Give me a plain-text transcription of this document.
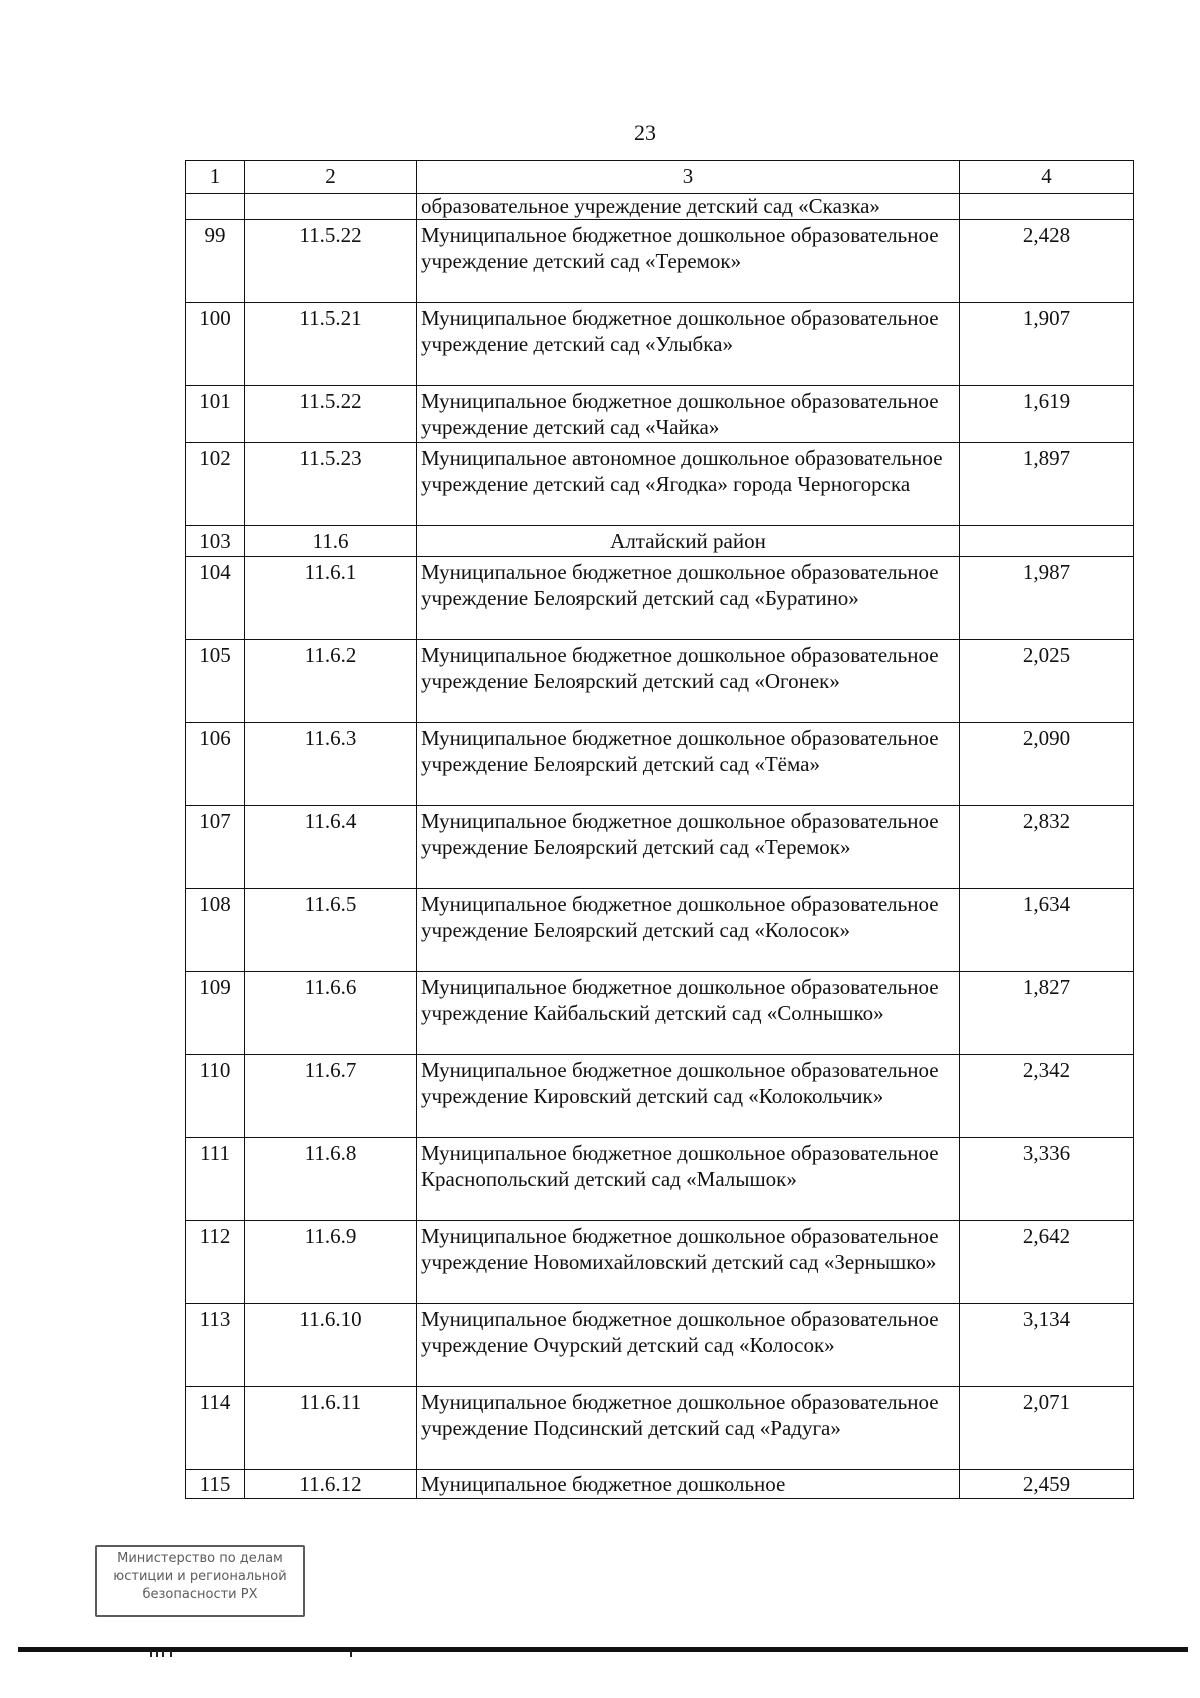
23
1	2	3	4
		образовательное учреждение детский сад «Сказка»	
99	11.5.22	Муниципальное бюджетное дошкольное образовательное учреждение детский сад «Теремок»	2,428
100	11.5.21	Муниципальное бюджетное дошкольное образовательное учреждение детский сад «Улыбка»	1,907
101	11.5.22	Муниципальное бюджетное дошкольное образовательное учреждение детский сад «Чайка»	1,619
102	11.5.23	Муниципальное автономное дошкольное образовательное учреждение детский сад «Ягодка» города Черногорска	1,897
103	11.6	Алтайский район	
104	11.6.1	Муниципальное бюджетное дошкольное образовательное учреждение Белоярский детский сад «Буратино»	1,987
105	11.6.2	Муниципальное бюджетное дошкольное образовательное учреждение Белоярский детский сад «Огонек»	2,025
106	11.6.3	Муниципальное бюджетное дошкольное образовательное учреждение Белоярский детский сад «Тёма»	2,090
107	11.6.4	Муниципальное бюджетное дошкольное образовательное учреждение Белоярский детский сад «Теремок»	2,832
108	11.6.5	Муниципальное бюджетное дошкольное образовательное учреждение Белоярский детский сад «Колосок»	1,634
109	11.6.6	Муниципальное бюджетное дошкольное образовательное учреждение Кайбальский детский сад «Солнышко»	1,827
110	11.6.7	Муниципальное бюджетное дошкольное образовательное учреждение Кировский детский сад «Колокольчик»	2,342
111	11.6.8	Муниципальное бюджетное дошкольное образовательное Краснопольский детский сад «Малышок»	3,336
112	11.6.9	Муниципальное бюджетное дошкольное образовательное учреждение Новомихайловский детский сад «Зернышко»	2,642
113	11.6.10	Муниципальное бюджетное дошкольное образовательное учреждение Очурский детский сад «Колосок»	3,134
114	11.6.11	Муниципальное бюджетное дошкольное образовательное учреждение Подсинский детский сад «Радуга»	2,071
115	11.6.12	Муниципальное бюджетное дошкольное	2,459
Министерство по делам
юстиции и региональной
безопасности РХ
